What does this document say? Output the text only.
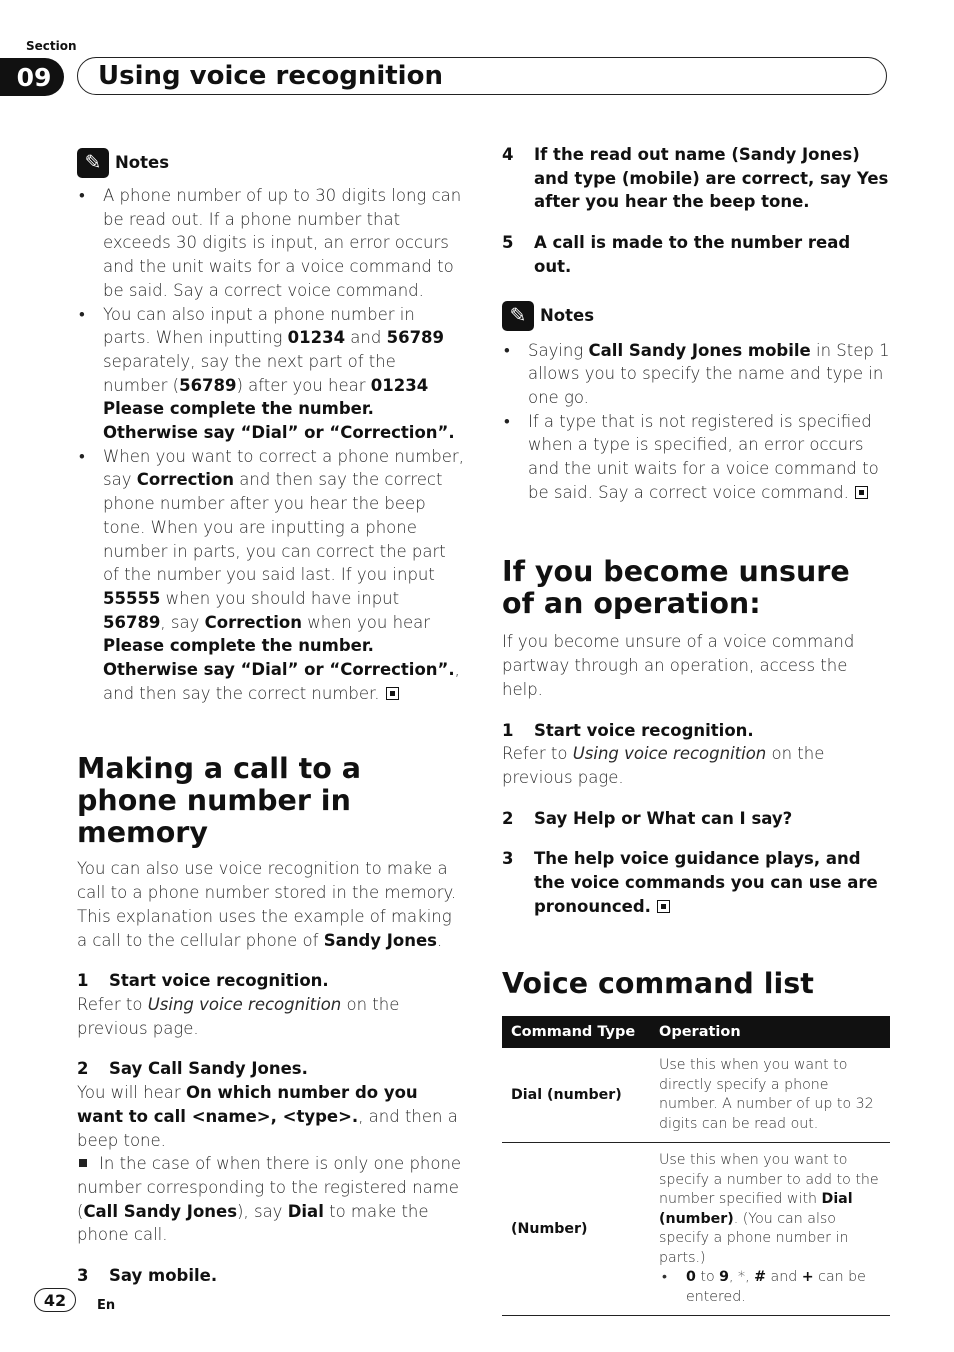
Section
09	Using voice recognition
✎ Notes
• A phone number of up to 30 digits long can be read out. If a phone number that exceeds 30 digits is input, an error occurs and the unit waits for a voice command to be said. Say a correct voice command.
• You can also input a phone number in parts. When inputting 01234 and 56789 separately, say the next part of the number (56789) after you hear 01234 Please complete the number. Otherwise say “Dial” or “Correction”.
• When you want to correct a phone number, say Correction and then say the correct phone number after you hear the beep tone. When you are inputting a phone number in parts, you can correct the part of the number you said last. If you input 55555 when you should have input 56789, say Correction when you hear Please complete the number. Otherwise say “Dial” or “Correction”., and then say the correct number.
Making a call to a phone number in memory
You can also use voice recognition to make a call to a phone number stored in the memory. This explanation uses the example of making a call to the cellular phone of Sandy Jones.
1	Start voice recognition.
Refer to Using voice recognition on the previous page.
2	Say Call Sandy Jones.
You will hear On which number do you want to call <name>, <type>., and then a beep tone.
In the case of when there is only one phone number corresponding to the registered name (Call Sandy Jones), say Dial to make the phone call.
3	Say mobile.
4	If the read out name (Sandy Jones) and type (mobile) are correct, say Yes after you hear the beep tone.
5	A call is made to the number read out.
✎ Notes
• Saying Call Sandy Jones mobile in Step 1 allows you to specify the name and type in one go.
• If a type that is not registered is specified when a type is specified, an error occurs and the unit waits for a voice command to be said. Say a correct voice command.
If you become unsure of an operation:
If you become unsure of a voice command partway through an operation, access the help.
1	Start voice recognition.
Refer to Using voice recognition on the previous page.
2	Say Help or What can I say?
3	The help voice guidance plays, and the voice commands you can use are pronounced.
Voice command list
Command Type	Operation
Dial (number)	Use this when you want to directly specify a phone number. A number of up to 32 digits can be read out.
(Number)	Use this when you want to specify a number to add to the number specified with Dial (number). (You can also specify a phone number in parts.)
• 0 to 9, *, # and + can be entered.
42	En
